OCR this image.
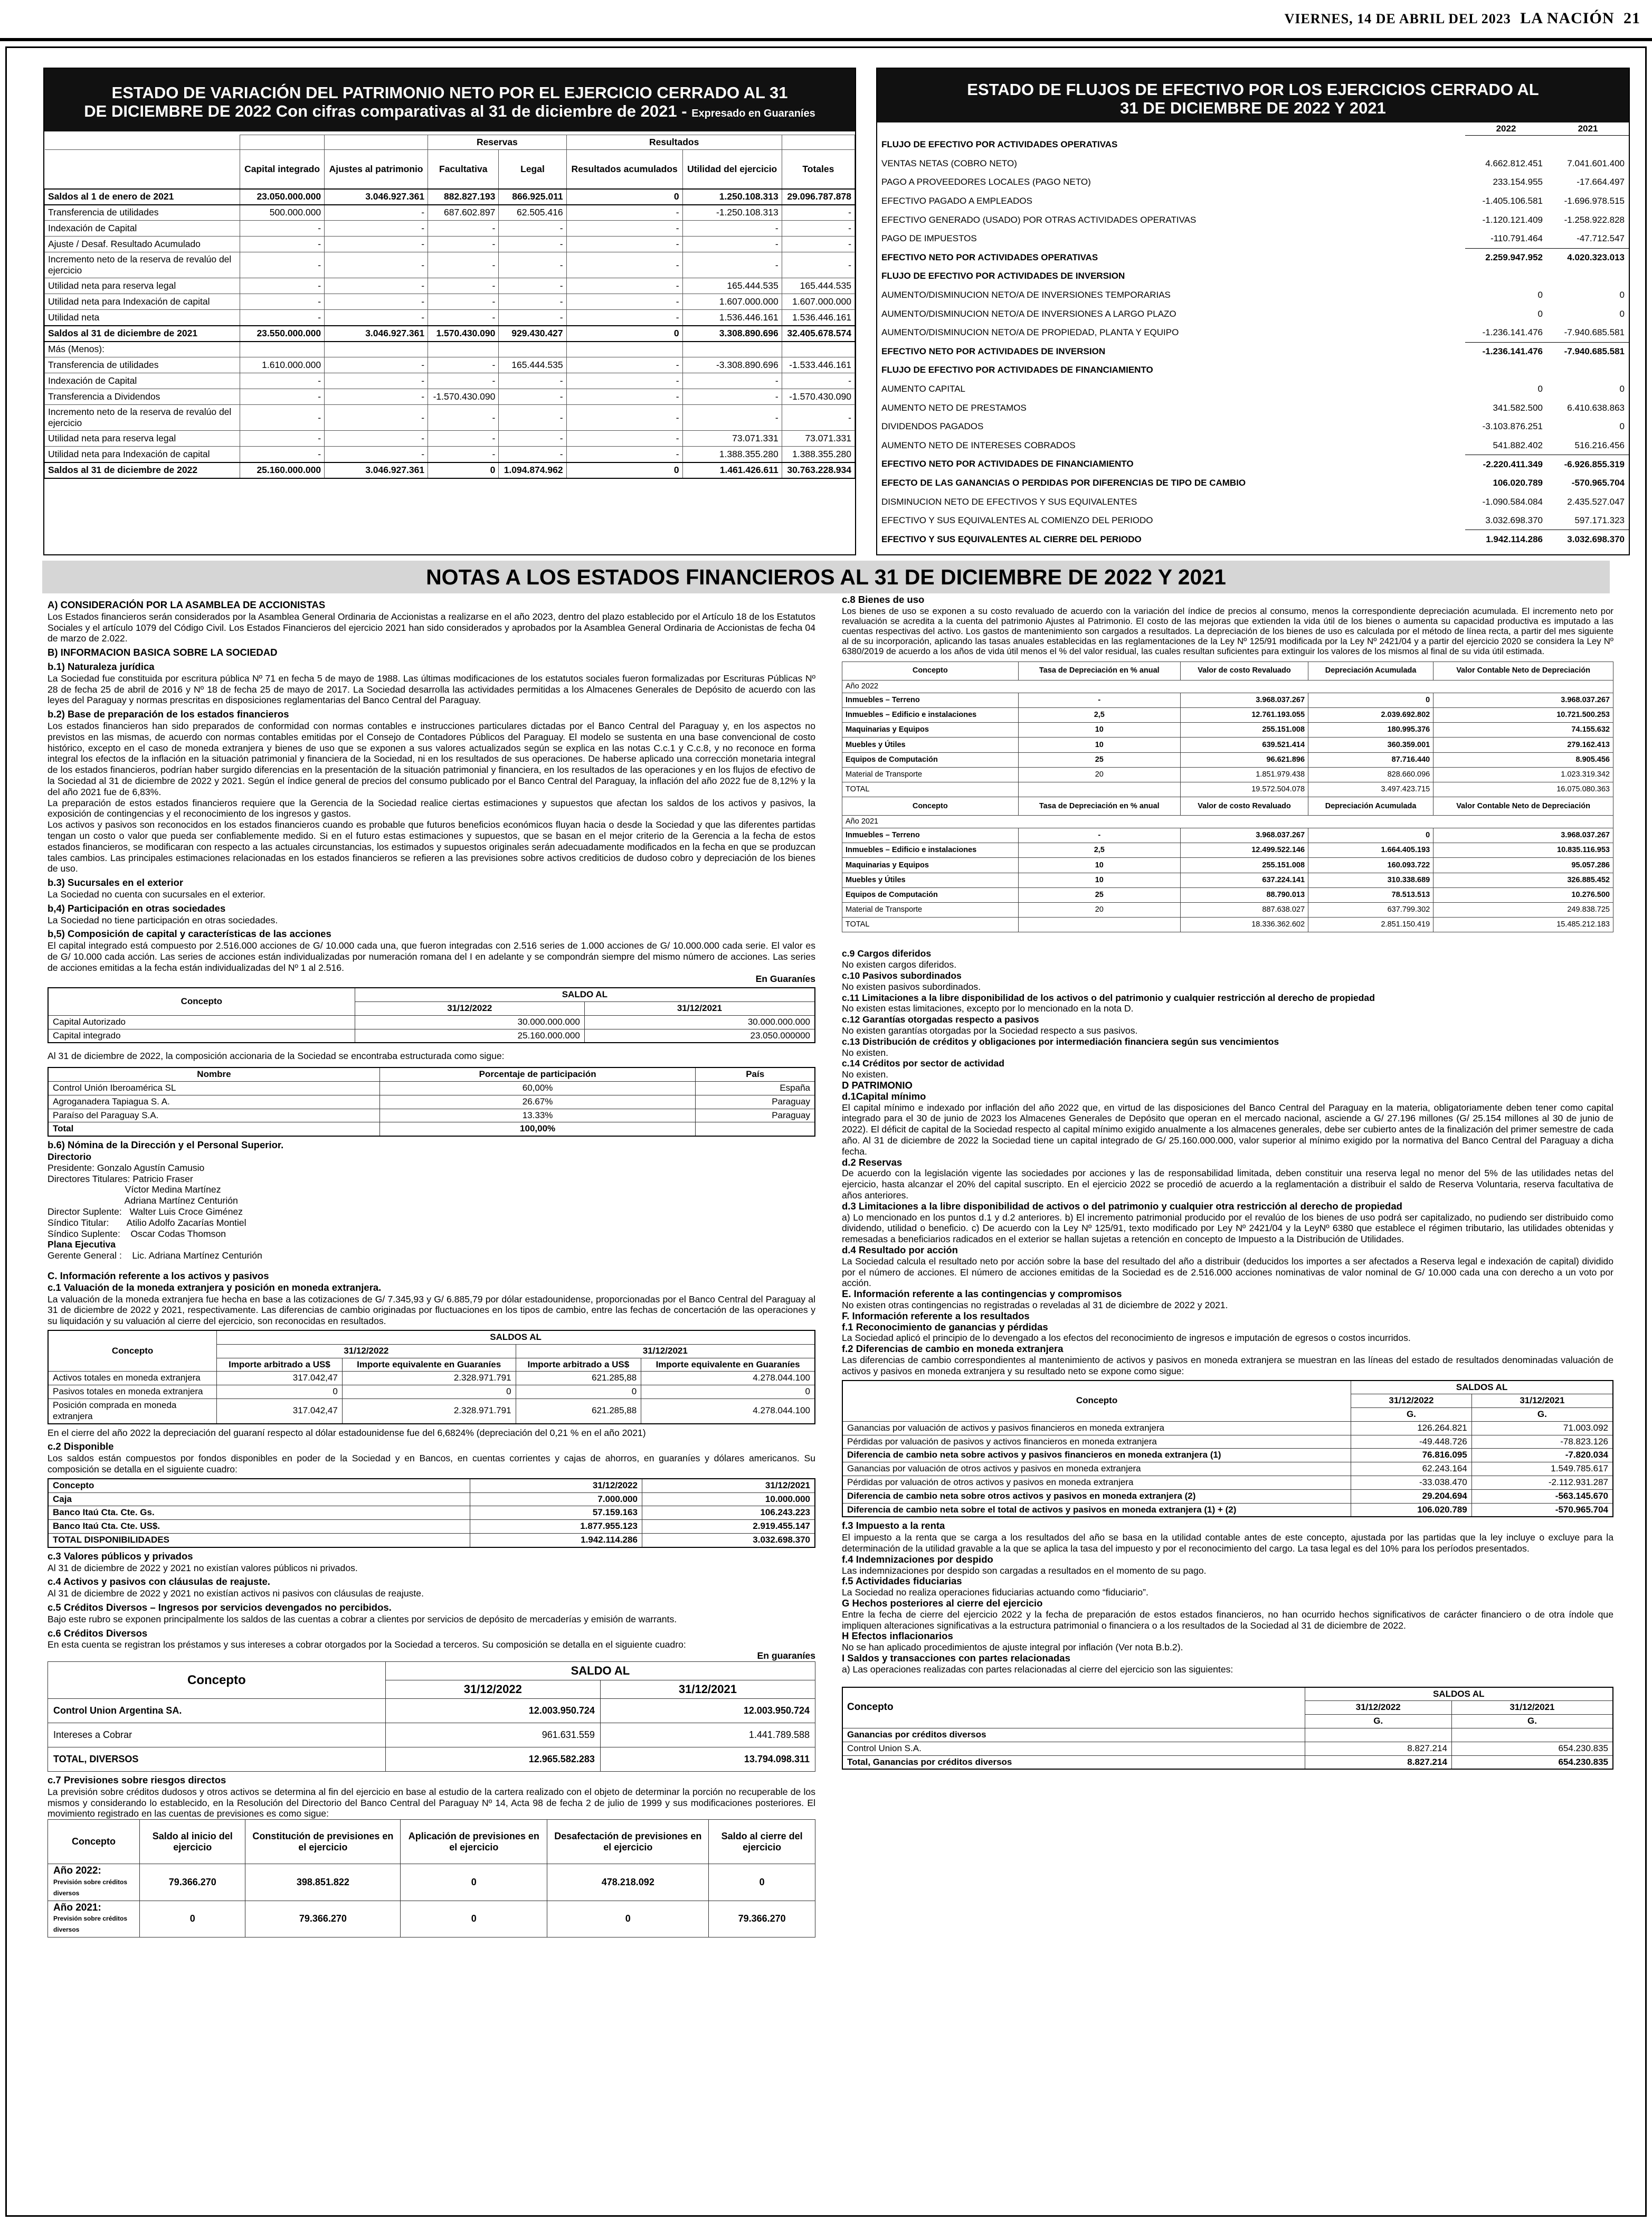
VIERNES, 14 DE ABRIL DEL 2023 LA NACIÓN 21
ESTADO DE VARIACIÓN DEL PATRIMONIO NETO POR EL EJERCICIO CERRADO AL 31
DE DICIEMBRE DE 2022 Con cifras comparativas al 31 de diciembre de 2021 - Expresado en Guaraníes
			Reservas		Resultados		
	Capital integrado	Ajustes al patrimonio	Facultativa	Legal	Resultados acumulados	Utilidad del ejercicio	Totales
Saldos al 1 de enero de 2021	23.050.000.000	3.046.927.361	882.827.193	866.925.011	0	1.250.108.313	29.096.787.878
Transferencia de utilidades	500.000.000	-	687.602.897	62.505.416	-	-1.250.108.313	-
Indexación de Capital	-	-	-	-	-	-	-
Ajuste / Desaf. Resultado Acumulado	-	-	-	-	-	-	-
Incremento neto de la reserva de revalúo del ejercicio	-	-	-	-	-	-	-
Utilidad neta para reserva legal	-	-	-	-	-	165.444.535	165.444.535
Utilidad neta para Indexación de capital	-	-	-	-	-	1.607.000.000	1.607.000.000
Utilidad neta	-	-	-	-	-	1.536.446.161	1.536.446.161
Saldos al 31 de diciembre de 2021	23.550.000.000	3.046.927.361	1.570.430.090	929.430.427	0	3.308.890.696	32.405.678.574
Más (Menos):							
Transferencia de utilidades	1.610.000.000	-	-	165.444.535	-	-3.308.890.696	-1.533.446.161
Indexación de Capital	-	-	-	-	-	-	-
Transferencia a Dividendos	-	-	-1.570.430.090	-	-	-	-1.570.430.090
Incremento neto de la reserva de revalúo del ejercicio	-	-	-	-	-	-	-
Utilidad neta para reserva legal	-	-	-	-	-	73.071.331	73.071.331
Utilidad neta para Indexación de capital	-	-	-	-	-	1.388.355.280	1.388.355.280
Saldos al 31 de diciembre de 2022	25.160.000.000	3.046.927.361	0	1.094.874.962	0	1.461.426.611	30.763.228.934
ESTADO DE FLUJOS DE EFECTIVO POR LOS EJERCICIOS CERRADO AL
31 DE DICIEMBRE DE 2022 Y 2021
	2022	2021
FLUJO DE EFECTIVO POR ACTIVIDADES OPERATIVAS		
VENTAS NETAS (COBRO NETO)	4.662.812.451	7.041.601.400
PAGO A PROVEEDORES LOCALES (PAGO NETO)	233.154.955	-17.664.497
EFECTIVO PAGADO A EMPLEADOS	-1.405.106.581	-1.696.978.515
EFECTIVO GENERADO (USADO) POR OTRAS ACTIVIDADES OPERATIVAS	-1.120.121.409	-1.258.922.828
PAGO DE IMPUESTOS	-110.791.464	-47.712.547
EFECTIVO NETO POR ACTIVIDADES OPERATIVAS	2.259.947.952	4.020.323.013
FLUJO DE EFECTIVO POR ACTIVIDADES DE INVERSION		
AUMENTO/DISMINUCION NETO/A DE INVERSIONES TEMPORARIAS	0	0
AUMENTO/DISMINUCION NETO/A DE INVERSIONES A LARGO PLAZO	0	0
AUMENTO/DISMINUCION NETO/A DE PROPIEDAD, PLANTA Y EQUIPO	-1.236.141.476	-7.940.685.581
EFECTIVO NETO POR ACTIVIDADES DE INVERSION	-1.236.141.476	-7.940.685.581
FLUJO DE EFECTIVO POR ACTIVIDADES DE FINANCIAMIENTO		
AUMENTO CAPITAL	0	0
AUMENTO NETO DE PRESTAMOS	341.582.500	6.410.638.863
DIVIDENDOS PAGADOS	-3.103.876.251	0
AUMENTO NETO DE INTERESES COBRADOS	541.882.402	516.216.456
EFECTIVO NETO POR ACTIVIDADES DE FINANCIAMIENTO	-2.220.411.349	-6.926.855.319
EFECTO DE LAS GANANCIAS O PERDIDAS POR DIFERENCIAS DE TIPO DE CAMBIO	106.020.789	-570.965.704
DISMINUCION NETO DE EFECTIVOS Y SUS EQUIVALENTES	-1.090.584.084	2.435.527.047
EFECTIVO Y SUS EQUIVALENTES AL COMIENZO DEL PERIODO	3.032.698.370	597.171.323
EFECTIVO Y SUS EQUIVALENTES AL CIERRE DEL PERIODO	1.942.114.286	3.032.698.370
NOTAS A LOS ESTADOS FINANCIEROS AL 31 DE DICIEMBRE DE 2022 Y 2021
A) CONSIDERACIÓN POR LA ASAMBLEA DE ACCIONISTAS

Los Estados financieros serán considerados por la Asamblea General Ordinaria de Accionistas a realizarse en el año 2023, dentro del plazo establecido por el Artículo 18 de los Estatutos Sociales y el artículo 1079 del Código Civil. Los Estados Financieros del ejercicio 2021 han sido considerados y aprobados por la Asamblea General Ordinaria de Accionistas de fecha 04 de marzo de 2.022.

B) INFORMACION BASICA SOBRE LA SOCIEDAD
b.1) Naturaleza jurídica

La Sociedad fue constituida por escritura pública Nº 71 en fecha 5 de mayo de 1988. Las últimas modificaciones de los estatutos sociales fueron formalizadas por Escrituras Públicas Nº 28 de fecha 25 de abril de 2016 y Nº 18 de fecha 25 de mayo de 2017. La Sociedad desarrolla las actividades permitidas a los Almacenes Generales de Depósito de acuerdo con las leyes del Paraguay y normas prescritas en disposiciones reglamentarias del Banco Central del Paraguay.

b.2) Base de preparación de los estados financieros

Los estados financieros han sido preparados de conformidad con normas contables e instrucciones particulares dictadas por el Banco Central del Paraguay y, en los aspectos no previstos en las mismas, de acuerdo con normas contables emitidas por el Consejo de Contadores Públicos del Paraguay. El modelo se sustenta en una base convencional de costo histórico, excepto en el caso de moneda extranjera y bienes de uso que se exponen a sus valores actualizados según se explica en las notas C.c.1 y C.c.8, y no reconoce en forma integral los efectos de la inflación en la situación patrimonial y financiera de la Sociedad, ni en los resultados de sus operaciones. De haberse aplicado una corrección monetaria integral de los estados financieros, podrían haber surgido diferencias en la presentación de la situación patrimonial y financiera, en los resultados de las operaciones y en los flujos de efectivo de la Sociedad al 31 de diciembre de 2022 y 2021. Según el índice general de precios del consumo publicado por el Banco Central del Paraguay, la inflación del año 2022 fue de 8,12% y la del año 2021 fue de 6,83%.

La preparación de estos estados financieros requiere que la Gerencia de la Sociedad realice ciertas estimaciones y supuestos que afectan los saldos de los activos y pasivos, la exposición de contingencias y el reconocimiento de los ingresos y gastos.

Los activos y pasivos son reconocidos en los estados financieros cuando es probable que futuros beneficios económicos fluyan hacia o desde la Sociedad y que las diferentes partidas tengan un costo o valor que pueda ser confiablemente medido. Si en el futuro estas estimaciones y supuestos, que se basan en el mejor criterio de la Gerencia a la fecha de estos estados financieros, se modificaran con respecto a las actuales circunstancias, los estimados y supuestos originales serán adecuadamente modificados en la fecha en que se produzcan tales cambios. Las principales estimaciones relacionadas en los estados financieros se refieren a las previsiones sobre activos crediticios de dudoso cobro y depreciación de los bienes de uso.

b.3) Sucursales en el exterior

La Sociedad no cuenta con sucursales en el exterior.

b,4) Participación en otras sociedades

La Sociedad no tiene participación en otras sociedades.

b,5) Composición de capital y características de las acciones

El capital integrado está compuesto por 2.516.000 acciones de G/ 10.000 cada una, que fueron integradas con 2.516 series de 1.000 acciones de G/ 10.000.000 cada serie. El valor es de G/ 10.000 cada acción. Las series de acciones están individualizadas por numeración romana del I en adelante y se compondrán siempre del mismo número de acciones. Las series de acciones emitidas a la fecha están individualizadas del Nº 1 al 2.516.

En Guaraníes
Concepto	SALDO AL	
	31/12/2022	31/12/2021
Capital Autorizado	30.000.000.000	30.000.000.000
Capital integrado	25.160.000.000	23.050.000000

Al 31 de diciembre de 2022, la composición accionaria de la Sociedad se encontraba estructurada como sigue:

Nombre	Porcentaje de participación	País
Control Unión Iberoamérica SL	60,00%	España
Agroganadera Tapiagua S. A.	26.67%	Paraguay
Paraíso del Paraguay S.A.	13.33%	Paraguay
Total	100,00%	
b.6) Nómina de la Dirección y el Personal Superior.
Directorio
Presidente: Gonzalo Agustín Camusio
Directores Titulares: Patricio Fraser
Víctor Medina Martínez
Adriana Martínez Centurión
Director Suplente:   Walter Luis Croce Giménez
Síndico Titular:       Atilio Adolfo Zacarías Montiel
Síndico Suplente:    Oscar Codas Thomson
Plana Ejecutiva
Gerente General :    Lic. Adriana Martínez Centurión
C. Información referente a los activos y pasivos
c.1 Valuación de la moneda extranjera y posición en moneda extranjera.

La valuación de la moneda extranjera fue hecha en base a las cotizaciones de G/ 7.345,93 y G/ 6.885,79 por dólar estadounidense, proporcionadas por el Banco Central del Paraguay al 31 de diciembre de 2022 y 2021, respectivamente. Las diferencias de cambio originadas por fluctuaciones en los tipos de cambio, entre las fechas de concertación de las operaciones y su liquidación y su valuación al cierre del ejercicio, son reconocidas en resultados.

Concepto	SALDOS AL			
	31/12/2022		31/12/2021	
	Importe arbitrado a US$	Importe equivalente en Guaraníes	Importe arbitrado a US$	Importe equivalente en Guaraníes
Activos totales en moneda extranjera	317.042,47	2.328.971.791	621.285,88	4.278.044.100
Pasivos totales en moneda extranjera	0	0	0	0
Posición comprada en moneda extranjera	317.042,47	2.328.971.791	621.285,88	4.278.044.100

En el cierre del año 2022 la depreciación del guaraní respecto al dólar estadounidense fue del 6,6824% (depreciación del 0,21 % en el año 2021)

c.2 Disponible

Los saldos están compuestos por fondos disponibles en poder de la Sociedad y en Bancos, en cuentas corrientes y cajas de ahorros, en guaraníes y dólares americanos. Su composición se detalla en el siguiente cuadro:

Concepto	31/12/2022	31/12/2021
Caja	7.000.000	10.000.000
Banco Itaú Cta. Cte. Gs.	57.159.163	106.243.223
Banco Itaú Cta. Cte. US$.	1.877.955.123	2.919.455.147
TOTAL DISPONIBILIDADES	1.942.114.286	3.032.698.370
c.3 Valores públicos y privados

Al 31 de diciembre de 2022 y 2021 no existían valores públicos ni privados.

c.4 Activos y pasivos con cláusulas de reajuste.

Al 31 de diciembre de 2022 y 2021 no existían activos ni pasivos con cláusulas de reajuste.

c.5 Créditos Diversos – Ingresos por servicios devengados no percibidos.

Bajo este rubro se exponen principalmente los saldos de las cuentas a cobrar a clientes por servicios de depósito de mercaderías y emisión de warrants.

c.6 Créditos Diversos

En esta cuenta se registran los préstamos y sus intereses a cobrar otorgados por la Sociedad a terceros. Su composición se detalla en el siguiente cuadro:

En guaraníes
Concepto	SALDO AL	
	31/12/2022	31/12/2021
Control Union Argentina SA.	12.003.950.724	12.003.950.724
Intereses a Cobrar	961.631.559	1.441.789.588
TOTAL, DIVERSOS	12.965.582.283	13.794.098.311
c.7 Previsiones sobre riesgos directos

La previsión sobre créditos dudosos y otros activos se determina al fin del ejercicio en base al estudio de la cartera realizado con el objeto de determinar la porción no recuperable de los mismos y considerando lo establecido, en la Resolución del Directorio del Banco Central del Paraguay Nº 14, Acta 98 de fecha 2 de julio de 1999 y sus modificaciones posteriores. El movimiento registrado en las cuentas de previsiones es como sigue:

Concepto	Saldo al inicio del ejercicio	Constitución de previsiones en el ejercicio	Aplicación de previsiones en el ejercicio	Desafectación de previsiones en el ejercicio	Saldo al cierre del ejercicio

Año 2022:
Previsión sobre créditos diversos	79.366.270	398.851.822	0	478.218.092	0

Año 2021:
Previsión sobre créditos diversos	0	79.366.270	0	0	79.366.270
c.8 Bienes de uso

Los bienes de uso se exponen a su costo revaluado de acuerdo con la variación del índice de precios al consumo, menos la correspondiente depreciación acumulada. El incremento neto por revaluación se acredita a la cuenta del patrimonio Ajustes al Patrimonio. El costo de las mejoras que extienden la vida útil de los bienes o aumenta su capacidad productiva es imputado a las cuentas respectivas del activo. Los gastos de mantenimiento son cargados a resultados. La depreciación de los bienes de uso es calculada por el método de línea recta, a partir del mes siguiente al de su incorporación, aplicando las tasas anuales establecidas en las reglamentaciones de la Ley Nº 125/91 modificada por la Ley Nº 2421/04 y a partir del ejercicio 2020 se considera la Ley Nº 6380/2019 de acuerdo a los años de vida útil menos el % del valor residual, las cuales resultan suficientes para extinguir los valores de los mismos al final de su vida útil estimada.

Concepto	Tasa de Depreciación en % anual	Valor de costo Revaluado	Depreciación Acumulada	Valor Contable Neto de Depreciación
Año 2022				
Inmuebles – Terreno	-	3.968.037.267	0	3.968.037.267
Inmuebles – Edificio e instalaciones	2,5	12.761.193.055	2.039.692.802	10.721.500.253
Maquinarias y Equipos	10	255.151.008	180.995.376	74.155.632
Muebles y Útiles	10	639.521.414	360.359.001	279.162.413
Equipos de Computación	25	96.621.896	87.716.440	8.905.456
Material de Transporte	20	1.851.979.438	828.660.096	1.023.319.342
TOTAL		19.572.504.078	3.497.423.715	16.075.080.363
Concepto	Tasa de Depreciación en % anual	Valor de costo Revaluado	Depreciación Acumulada	Valor Contable Neto de Depreciación
Año 2021				
Inmuebles – Terreno	-	3.968.037.267	0	3.968.037.267
Inmuebles – Edificio e instalaciones	2,5	12.499.522.146	1.664.405.193	10.835.116.953
Maquinarias y Equipos	10	255.151.008	160.093.722	95.057.286
Muebles y Útiles	10	637.224.141	310.338.689	326.885.452
Equipos de Computación	25	88.790.013	78.513.513	10.276.500
Material de Transporte	20	887.638.027	637.799.302	249.838.725
TOTAL		18.336.362.602	2.851.150.419	15.485.212.183
c.9 Cargos diferidos
No existen cargos diferidos.
c.10 Pasivos subordinados
No existen pasivos subordinados.
c.11 Limitaciones a la libre disponibilidad de los activos o del patrimonio y cualquier restricción al derecho de propiedad
No existen estas limitaciones, excepto por lo mencionado en la nota D.
c.12 Garantías otorgadas respecto a pasivos
No existen garantías otorgadas por la Sociedad respecto a sus pasivos.
c.13 Distribución de créditos y obligaciones por intermediación financiera según sus vencimientos
No existen.
c.14 Créditos por sector de actividad
No existen.
D PATRIMONIO
d.1Capital mínimo

El capital mínimo e indexado por inflación del año 2022 que, en virtud de las disposiciones del Banco Central del Paraguay en la materia, obligatoriamente deben tener como capital integrado para el 30 de junio de 2023 los Almacenes Generales de Depósito que operan en el mercado nacional, asciende a G/ 27.196 millones (G/ 25.154 millones al 30 de junio de 2022). El déficit de capital de la Sociedad respecto al capital mínimo exigido anualmente a los almacenes generales, debe ser cubierto antes de la finalización del primer semestre de cada año. Al 31 de diciembre de 2022 la Sociedad tiene un capital integrado de G/ 25.160.000.000, valor superior al mínimo exigido por la normativa del Banco Central del Paraguay a dicha fecha.

d.2 Reservas

De acuerdo con la legislación vigente las sociedades por acciones y las de responsabilidad limitada, deben constituir una reserva legal no menor del 5% de las utilidades netas del ejercicio, hasta alcanzar el 20% del capital suscripto. En el ejercicio 2022 se procedió de acuerdo a la reglamentación a distribuir el saldo de Reserva Voluntaria, reserva facultativa de años anteriores.

d.3 Limitaciones a la libre disponibilidad de activos o del patrimonio y cualquier otra restricción al derecho de propiedad

a) Lo mencionado en los puntos d.1 y d.2 anteriores. b) El incremento patrimonial producido por el revalúo de los bienes de uso podrá ser capitalizado, no pudiendo ser distribuido como dividendo, utilidad o beneficio. c) De acuerdo con la Ley Nº 125/91, texto modificado por Ley Nº 2421/04 y la LeyNº 6380 que establece el régimen tributario, las utilidades obtenidas y remesadas a beneficiarios radicados en el exterior se hallan sujetas a retención en concepto de Impuesto a la Distribución de Utilidades.

d.4 Resultado por acción

La Sociedad calcula el resultado neto por acción sobre la base del resultado del año a distribuir (deducidos los importes a ser afectados a Reserva legal e indexación de capital) dividido por el número de acciones. El número de acciones emitidas de la Sociedad es de 2.516.000 acciones nominativas de valor nominal de G/ 10.000 cada una con derecho a un voto por acción.

E. Información referente a las contingencias y compromisos

No existen otras contingencias no registradas o reveladas al 31 de diciembre de 2022 y 2021.

F. Información referente a los resultados
f.1 Reconocimiento de ganancias y pérdidas

La Sociedad aplicó el principio de lo devengado a los efectos del reconocimiento de ingresos e imputación de egresos o costos incurridos.

f.2 Diferencias de cambio en moneda extranjera

Las diferencias de cambio correspondientes al mantenimiento de activos y pasivos en moneda extranjera se muestran en las líneas del estado de resultados denominadas valuación de activos y pasivos en moneda extranjera y su resultado neto se expone como sigue:

Concepto	SALDOS AL	
	31/12/2022	31/12/2021
	G.	G.
Ganancias por valuación de activos y pasivos financieros en moneda extranjera	126.264.821	71.003.092
Pérdidas por valuación de pasivos y activos financieros en moneda extranjera	-49.448.726	-78.823.126
Diferencia de cambio neta sobre activos y pasivos financieros en moneda extranjera (1)	76.816.095	-7.820.034
Ganancias por valuación de otros activos y pasivos en moneda extranjera	62.243.164	1.549.785.617
Pérdidas por valuación de otros activos y pasivos en moneda extranjera	-33.038.470	-2.112.931.287
Diferencia de cambio neta sobre otros activos y pasivos en moneda extranjera (2)	29.204.694	-563.145.670
Diferencia de cambio neta sobre el total de activos y pasivos en moneda extranjera (1) + (2)	106.020.789	-570.965.704
f.3 Impuesto a la renta

El impuesto a la renta que se carga a los resultados del año se basa en la utilidad contable antes de este concepto, ajustada por las partidas que la ley incluye o excluye para la determinación de la utilidad gravable a la que se aplica la tasa del impuesto y por el reconocimiento del cargo. La tasa legal es del 10% para los períodos presentados.

f.4 Indemnizaciones por despido

Las indemnizaciones por despido son cargadas a resultados en el momento de su pago.

f.5 Actividades fiduciarias

La Sociedad no realiza operaciones fiduciarias actuando como “fiduciario”.

G Hechos posteriores al cierre del ejercicio

Entre la fecha de cierre del ejercicio 2022 y la fecha de preparación de estos estados financieros, no han ocurrido hechos significativos de carácter financiero o de otra índole que impliquen alteraciones significativas a la estructura patrimonial o financiera o a los resultados de la Sociedad al 31 de diciembre de 2022.

H Efectos inflacionarios

No se han aplicado procedimientos de ajuste integral por inflación (Ver nota B.b.2).

I Saldos y transacciones con partes relacionadas

a) Las operaciones realizadas con partes relacionadas al cierre del ejercicio son las siguientes:

Concepto	SALDOS AL	
	31/12/2022	31/12/2021
	G.	G.
Ganancias por créditos diversos		
Control Union S.A.	8.827.214	654.230.835
Total, Ganancias por créditos diversos	8.827.214	654.230.835
